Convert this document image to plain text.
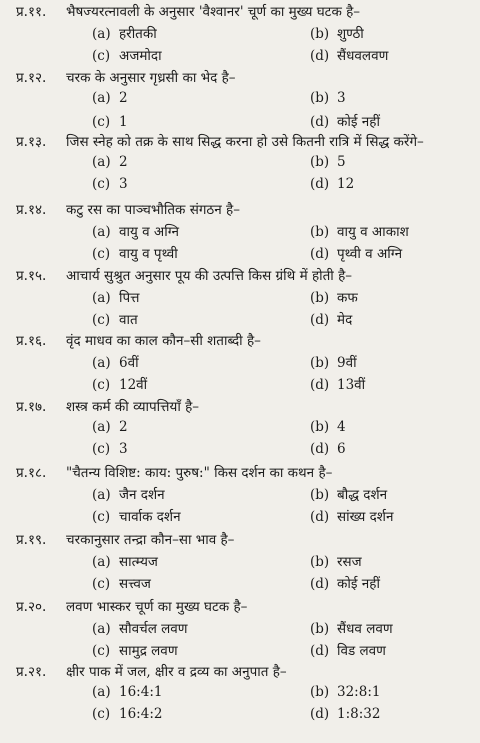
प्र.११.	भैषज्यरत्नावली के अनुसार 'वैश्वानर' चूर्ण का मुख्य घटक है–
(a) हरीतकी	(b) शुण्ठी
(c) अजमोदा	(d) सैंधवलवण
प्र.१२.	चरक के अनुसार गृध्रसी का भेद है–
(a) 2	(b) 3
(c) 1	(d) कोई नहीं
प्र.१३.	जिस स्नेह को तक्र के साथ सिद्ध करना हो उसे कितनी रात्रि में सिद्ध करेंगे–
(a) 2	(b) 5
(c) 3	(d) 12
प्र.१४.	कटु रस का पाञ्चभौतिक संगठन है–
(a) वायु व अग्नि	(b) वायु व आकाश
(c) वायु व पृथ्वी	(d) पृथ्वी व अग्नि
प्र.१५.	आचार्य सुश्रुत अनुसार पूय की उत्पत्ति किस ग्रंथि में होती है–
(a) पित्त	(b) कफ
(c) वात	(d) मेद
प्र.१६.	वृंद माधव का काल कौन–सी शताब्दी है–
(a) 6वीं	(b) 9वीं
(c) 12वीं	(d) 13वीं
प्र.१७.	शस्त्र कर्म की व्यापत्तियाँ है–
(a) 2	(b) 4
(c) 3	(d) 6
प्र.१८.	"चैतन्य विशिष्ट: काय: पुरुष:" किस दर्शन का कथन है–
(a) जैन दर्शन	(b) बौद्ध दर्शन
(c) चार्वाक दर्शन	(d) सांख्य दर्शन
प्र.१९.	चरकानुसार तन्द्रा कौन–सा भाव है–
(a) सात्म्यज	(b) रसज
(c) सत्त्वज	(d) कोई नहीं
प्र.२०.	लवण भास्कर चूर्ण का मुख्य घटक है–
(a) सौवर्चल लवण	(b) सैंधव लवण
(c) सामुद्र लवण	(d) विड लवण
प्र.२१.	क्षीर पाक में जल, क्षीर व द्रव्य का अनुपात है–
(a) 16:4:1	(b) 32:8:1
(c) 16:4:2	(d) 1:8:32
